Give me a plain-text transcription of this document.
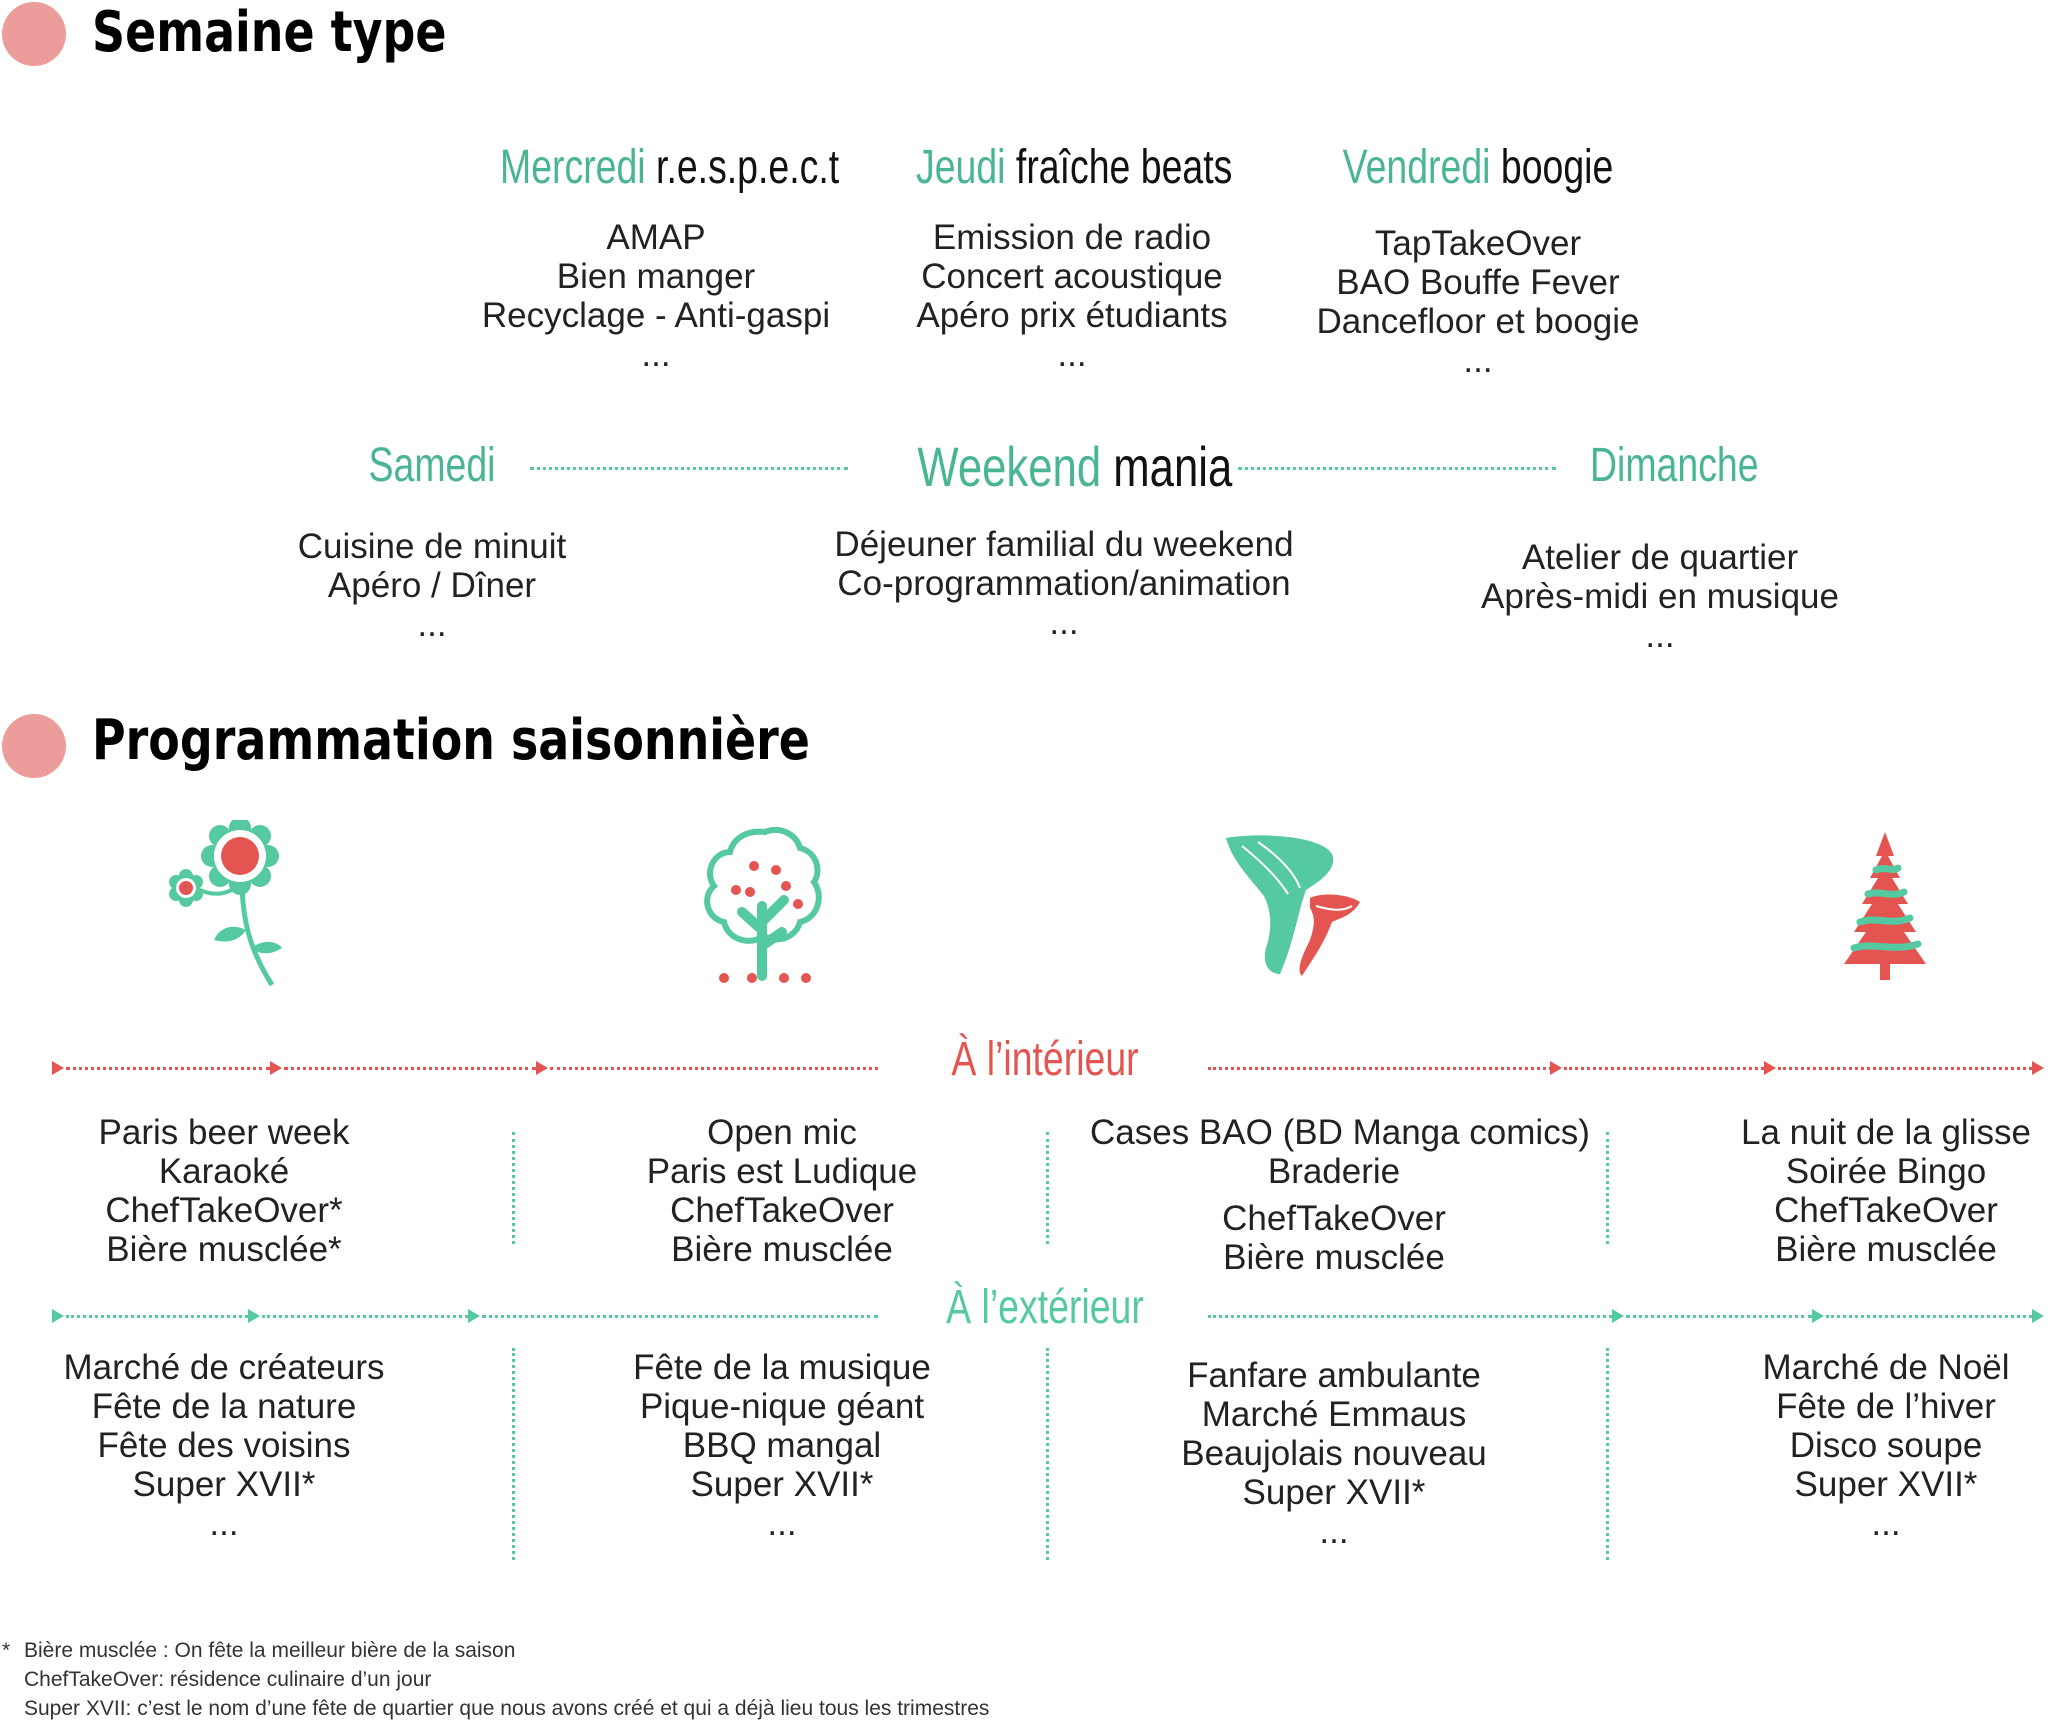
Semaine type
Mercredi r.e.s.p.e.c.t
AMAP
Bien manger
Recyclage - Anti-gaspi
...
Jeudi fraîche beats
Emission de radio
Concert acoustique
Apéro prix étudiants
...
Vendredi boogie
TapTakeOver
BAO Bouffe Fever
Dancefloor et boogie
...
Samedi	Weekend mania	Dimanche
Cuisine de minuit
Apéro / Dîner
...
Déjeuner familial du weekend
Co-programmation/animation
...
Atelier de quartier
Après-midi en musique
...
Programmation saisonnière
À l’intérieur
Paris beer week
Karaoké
ChefTakeOver*
Bière musclée*
Open mic
Paris est Ludique
ChefTakeOver
Bière musclée
Cases BAO (BD Manga comics)
Braderie
ChefTakeOver
Bière musclée
La nuit de la glisse
Soirée Bingo
ChefTakeOver
Bière musclée
À l’extérieur
Marché de créateurs
Fête de la nature
Fête des voisins
Super XVII*
...
Fête de la musique
Pique-nique géant
BBQ mangal
Super XVII*
...
Fanfare ambulante
Marché Emmaus
Beaujolais nouveau
Super XVII*
...
Marché de Noël
Fête de l’hiver
Disco soupe
Super XVII*
...
* Bière musclée : On fête la meilleur bière de la saison
ChefTakeOver: résidence culinaire d’un jour
Super XVII: c’est le nom d’une fête de quartier que nous avons créé et qui a déjà lieu tous les trimestres
